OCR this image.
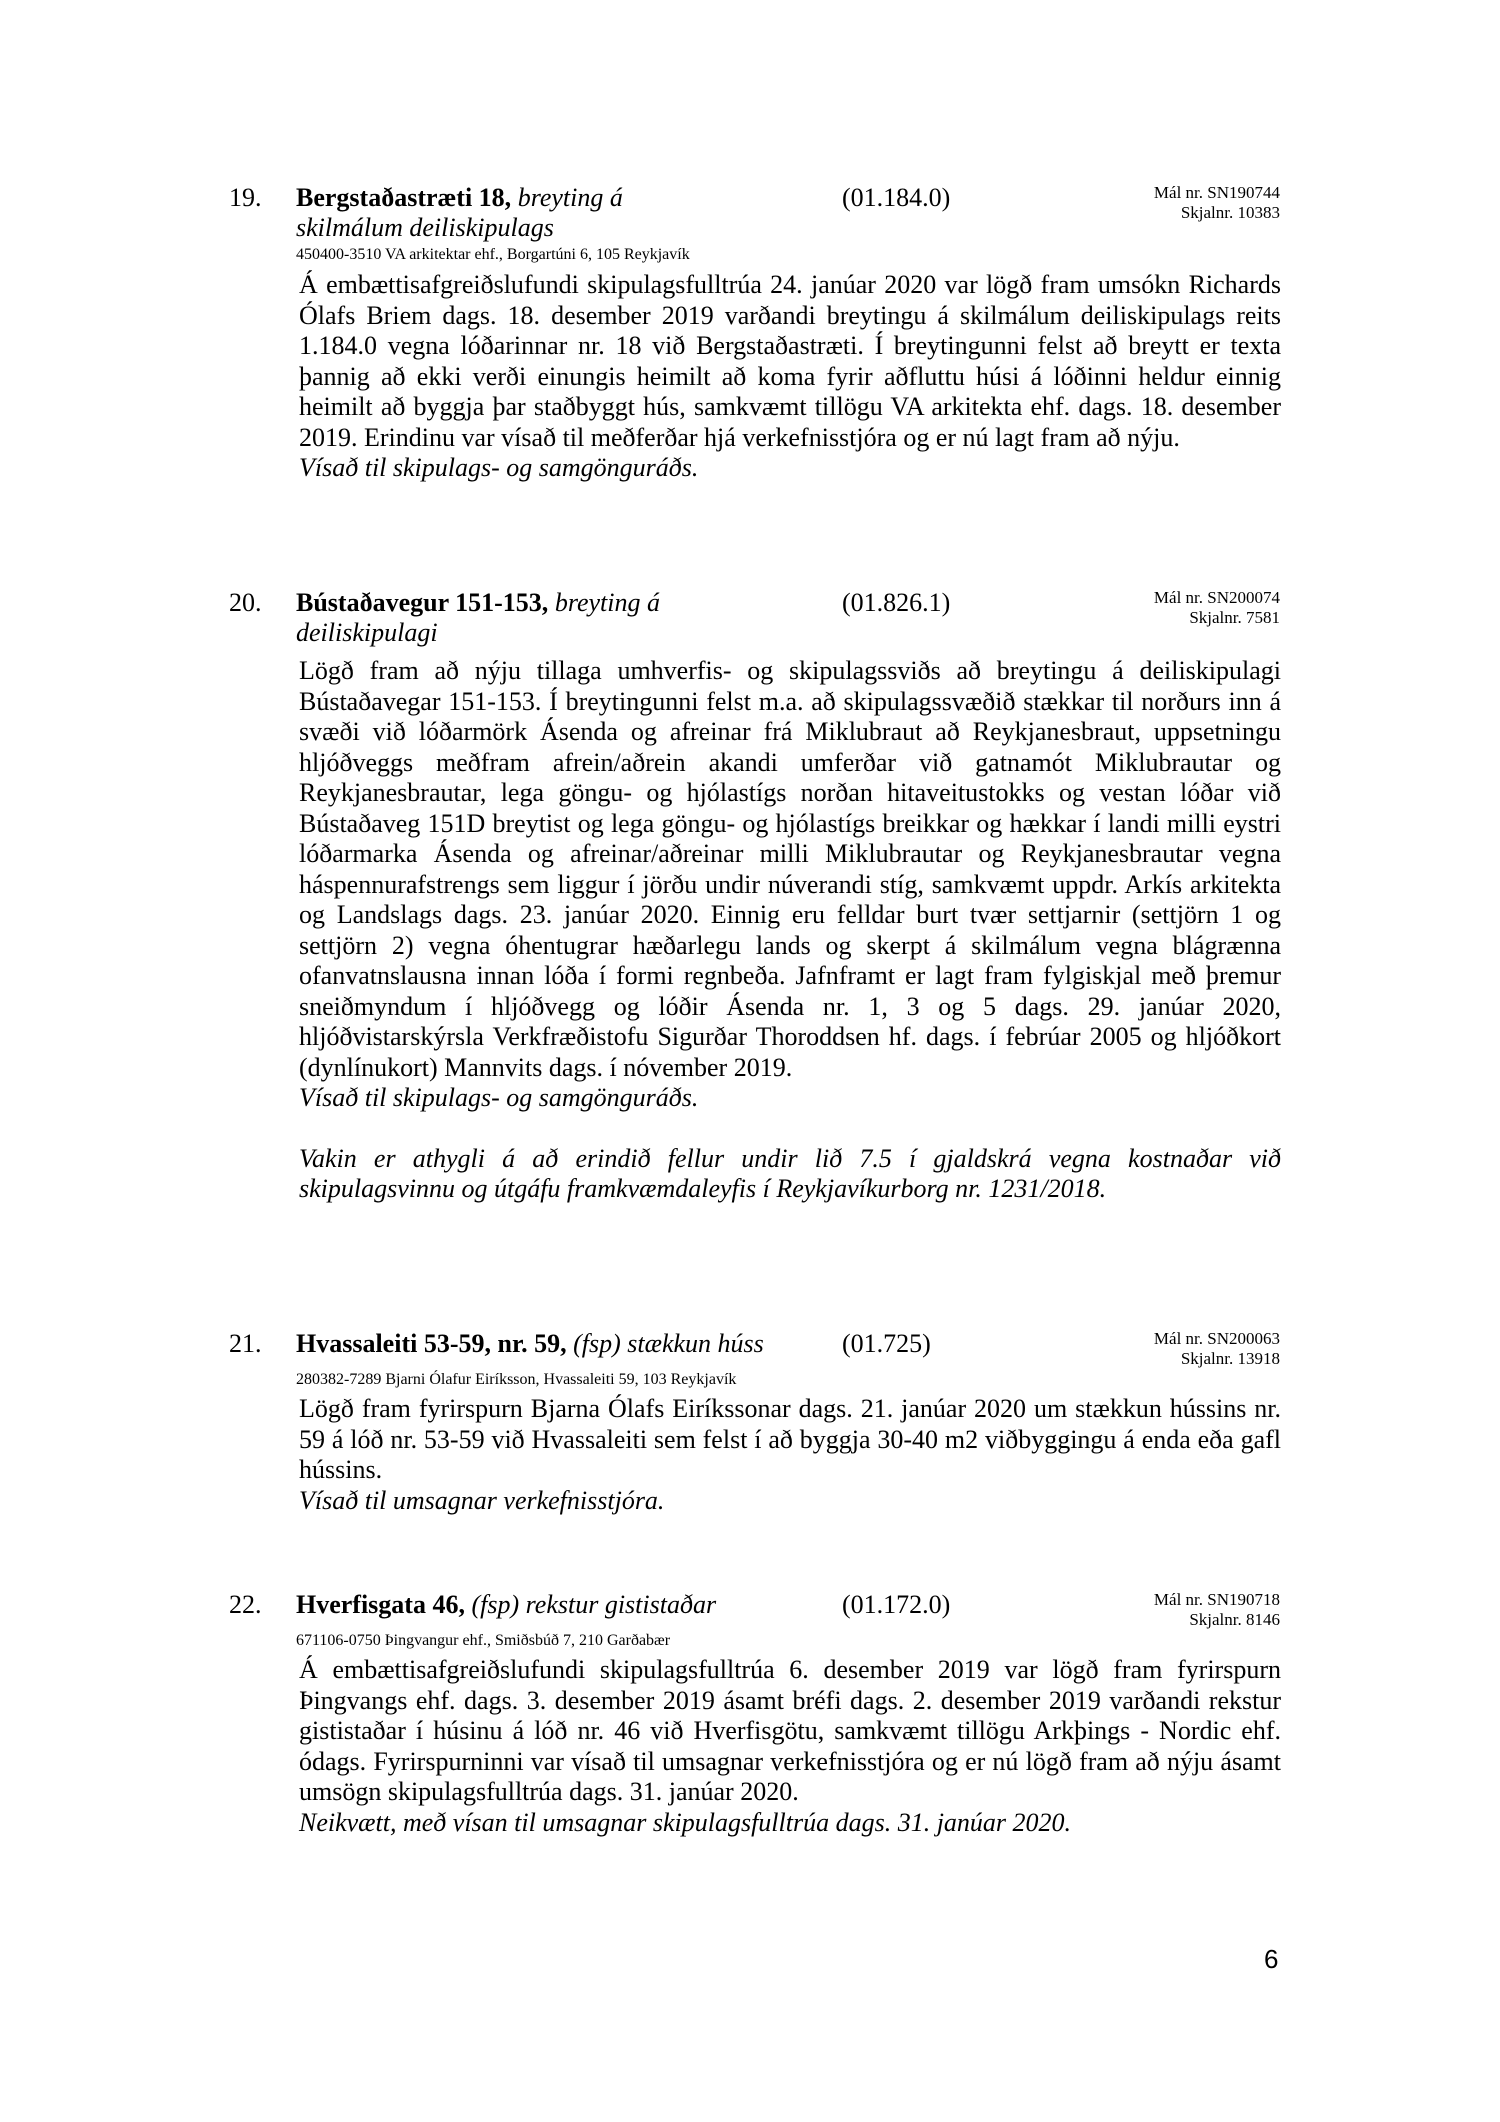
19. Bergstaðastræti 18, breyting á skilmálum deiliskipulags
(01.184.0)	Mál nr. SN190744
Skjalnr. 10383
450400-3510 VA arkitektar ehf., Borgartúni 6, 105 Reykjavík

Á embættisafgreiðslufundi skipulagsfulltrúa 24. janúar 2020 var lögð fram umsókn Richards Ólafs Briem dags. 18. desember 2019 varðandi breytingu á skilmálum deiliskipulags reits 1.184.0 vegna lóðarinnar nr. 18 við Bergstaðastræti. Í breytingunni felst að breytt er texta þannig að ekki verði einungis heimilt að koma fyrir aðfluttu húsi á lóðinni heldur einnig heimilt að byggja þar staðbyggt hús, samkvæmt tillögu VA arkitekta ehf. dags. 18. desember 2019. Erindinu var vísað til meðferðar hjá verkefnisstjóra og er nú lagt fram að nýju.

Vísað til skipulags- og samgönguráðs.

20. Bústaðavegur 151-153, breyting á deiliskipulagi
(01.826.1)	Mál nr. SN200074
Skjalnr. 7581

Lögð fram að nýju tillaga umhverfis- og skipulagssviðs að breytingu á deiliskipulagi Bústaðavegar 151-153. Í breytingunni felst m.a. að skipulagssvæðið stækkar til norðurs inn á svæði við lóðarmörk Ásenda og afreinar frá Miklubraut að Reykjanesbraut, uppsetningu hljóðveggs meðfram afrein/aðrein akandi umferðar við gatnamót Miklubrautar og Reykjanesbrautar, lega göngu- og hjólastígs norðan hitaveitustokks og vestan lóðar við Bústaðaveg 151D breytist og lega göngu- og hjólastígs breikkar og hækkar í landi milli eystri lóðarmarka Ásenda og afreinar/aðreinar milli Miklubrautar og Reykjanesbrautar vegna háspennurafstrengs sem liggur í jörðu undir núverandi stíg, samkvæmt uppdr. Arkís arkitekta og Landslags dags. 23. janúar 2020. Einnig eru felldar burt tvær settjarnir (settjörn 1 og settjörn 2) vegna óhentugrar hæðarlegu lands og skerpt á skilmálum vegna blágrænna ofanvatnslausna innan lóða í formi regnbeða. Jafnframt er lagt fram fylgiskjal með þremur sneiðmyndum í hljóðvegg og lóðir Ásenda nr. 1, 3 og 5 dags. 29. janúar 2020, hljóðvistarskýrsla Verkfræðistofu Sigurðar Thoroddsen hf. dags. í febrúar 2005 og hljóðkort (dynlínukort) Mannvits dags. í nóvember 2019.

Vísað til skipulags- og samgönguráðs.

Vakin er athygli á að erindið fellur undir lið 7.5 í gjaldskrá vegna kostnaðar við skipulagsvinnu og útgáfu framkvæmdaleyfis í Reykjavíkurborg nr. 1231/2018.

21. Hvassaleiti 53-59, nr. 59, (fsp) stækkun húss	(01.725)	Mál nr. SN200063
Skjalnr. 13918
280382-7289 Bjarni Ólafur Eiríksson, Hvassaleiti 59, 103 Reykjavík

Lögð fram fyrirspurn Bjarna Ólafs Eiríkssonar dags. 21. janúar 2020 um stækkun hússins nr. 59 á lóð nr. 53-59 við Hvassaleiti sem felst í að byggja 30-40 m2 viðbyggingu á enda eða gafl hússins.

Vísað til umsagnar verkefnisstjóra.

22. Hverfisgata 46, (fsp) rekstur gististaðar	(01.172.0)	Mál nr. SN190718
Skjalnr. 8146
671106-0750 Þingvangur ehf., Smiðsbúð 7, 210 Garðabær

Á embættisafgreiðslufundi skipulagsfulltrúa 6. desember 2019 var lögð fram fyrirspurn Þingvangs ehf. dags. 3. desember 2019 ásamt bréfi dags. 2. desember 2019 varðandi rekstur gististaðar í húsinu á lóð nr. 46 við Hverfisgötu, samkvæmt tillögu Arkþings - Nordic ehf. ódags. Fyrirspurninni var vísað til umsagnar verkefnisstjóra og er nú lögð fram að nýju ásamt umsögn skipulagsfulltrúa dags. 31. janúar 2020.

Neikvætt, með vísan til umsagnar skipulagsfulltrúa dags. 31. janúar 2020.

6
